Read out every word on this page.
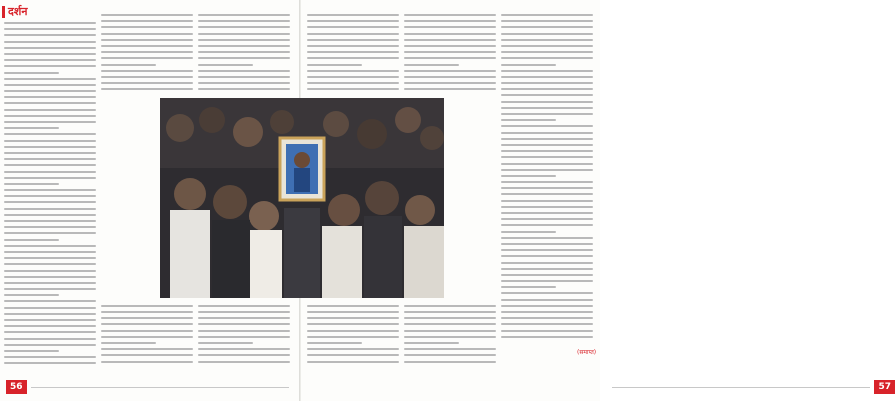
दर्शन
56	57
(समाप्त)
